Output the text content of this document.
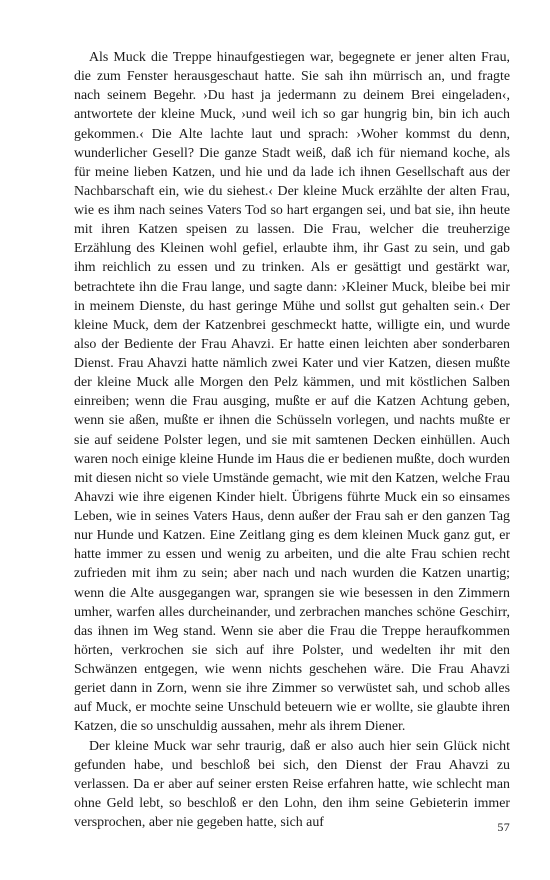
Als Muck die Treppe hinaufgestiegen war, begegnete er jener alten Frau, die zum Fenster herausgeschaut hatte. Sie sah ihn mürrisch an, und fragte nach seinem Begehr. ›Du hast ja jedermann zu deinem Brei eingeladen‹, antwortete der kleine Muck, ›und weil ich so gar hungrig bin, bin ich auch gekommen.‹ Die Alte lachte laut und sprach: ›Woher kommst du denn, wunderlicher Gesell? Die ganze Stadt weiß, daß ich für niemand koche, als für meine lieben Katzen, und hie und da lade ich ihnen Gesellschaft aus der Nachbarschaft ein, wie du siehest.‹ Der kleine Muck erzählte der alten Frau, wie es ihm nach seines Vaters Tod so hart ergangen sei, und bat sie, ihn heute mit ihren Katzen speisen zu lassen. Die Frau, welcher die treuherzige Erzählung des Kleinen wohl gefiel, erlaubte ihm, ihr Gast zu sein, und gab ihm reichlich zu essen und zu trinken. Als er gesättigt und gestärkt war, betrachtete ihn die Frau lange, und sagte dann: ›Kleiner Muck, bleibe bei mir in meinem Dienste, du hast geringe Mühe und sollst gut gehalten sein.‹ Der kleine Muck, dem der Katzenbrei geschmeckt hatte, willigte ein, und wurde also der Bediente der Frau Ahavzi. Er hatte einen leichten aber sonderbaren Dienst. Frau Ahavzi hatte nämlich zwei Kater und vier Katzen, diesen mußte der kleine Muck alle Morgen den Pelz kämmen, und mit köstlichen Salben einreiben; wenn die Frau ausging, mußte er auf die Katzen Achtung geben, wenn sie aßen, mußte er ihnen die Schüsseln vorlegen, und nachts mußte er sie auf seidene Polster legen, und sie mit samtenen Decken einhüllen. Auch waren noch einige kleine Hunde im Haus die er bedienen mußte, doch wurden mit diesen nicht so viele Umstände gemacht, wie mit den Katzen, welche Frau Ahavzi wie ihre eigenen Kinder hielt. Übrigens führte Muck ein so einsames Leben, wie in seines Vaters Haus, denn außer der Frau sah er den ganzen Tag nur Hunde und Katzen. Eine Zeitlang ging es dem kleinen Muck ganz gut, er hatte immer zu essen und wenig zu arbeiten, und die alte Frau schien recht zufrieden mit ihm zu sein; aber nach und nach wurden die Katzen unartig; wenn die Alte ausgegangen war, sprangen sie wie besessen in den Zimmern umher, warfen alles durcheinander, und zerbrachen manches schöne Geschirr, das ihnen im Weg stand. Wenn sie aber die Frau die Treppe heraufkommen hörten, verkrochen sie sich auf ihre Polster, und wedelten ihr mit den Schwänzen entgegen, wie wenn nichts geschehen wäre. Die Frau Ahavzi geriet dann in Zorn, wenn sie ihre Zimmer so verwüstet sah, und schob alles auf Muck, er mochte seine Unschuld beteuern wie er wollte, sie glaubte ihren Katzen, die so unschuldig aussahen, mehr als ihrem Diener.

Der kleine Muck war sehr traurig, daß er also auch hier sein Glück nicht gefunden habe, und beschloß bei sich, den Dienst der Frau Ahavzi zu verlassen. Da er aber auf seiner ersten Reise erfahren hatte, wie schlecht man ohne Geld lebt, so beschloß er den Lohn, den ihm seine Gebieterin immer versprochen, aber nie gegeben hatte, sich auf	57
